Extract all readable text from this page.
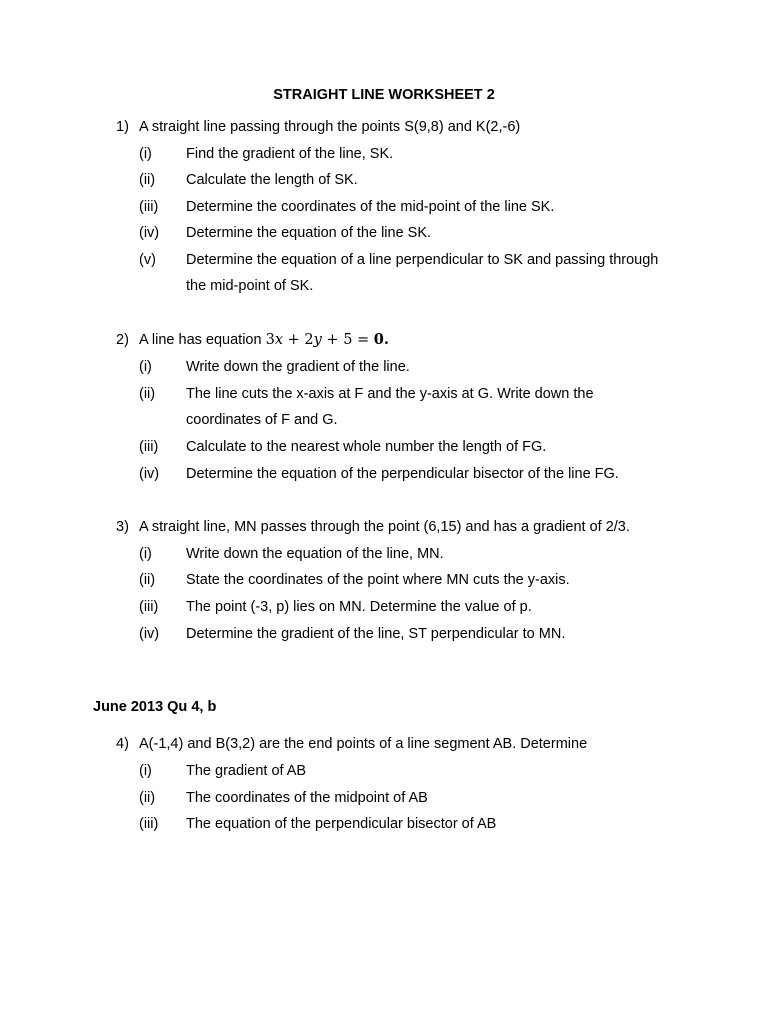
STRAIGHT LINE WORKSHEET 2
1) A straight line passing through the points S(9,8) and K(2,-6)
(i) Find the gradient of the line, SK.
(ii) Calculate the length of SK.
(iii) Determine the coordinates of the mid-point of the line SK.
(iv) Determine the equation of the line SK.
(v) Determine the equation of a line perpendicular to SK and passing through
the mid-point of SK.
2) A line has equation 3x + 2y + 5 = 0.
(i) Write down the gradient of the line.
(ii) The line cuts the x-axis at F and the y-axis at G. Write down the
coordinates of F and G.
(iii) Calculate to the nearest whole number the length of FG.
(iv) Determine the equation of the perpendicular bisector of the line FG.
3) A straight line, MN passes through the point (6,15) and has a gradient of 2/3.
(i) Write down the equation of the line, MN.
(ii) State the coordinates of the point where MN cuts the y-axis.
(iii) The point (-3, p) lies on MN. Determine the value of p.
(iv) Determine the gradient of the line, ST perpendicular to MN.
June 2013 Qu 4, b
4) A(-1,4) and B(3,2) are the end points of a line segment AB. Determine
(i) The gradient of AB
(ii) The coordinates of the midpoint of AB
(iii) The equation of the perpendicular bisector of AB
